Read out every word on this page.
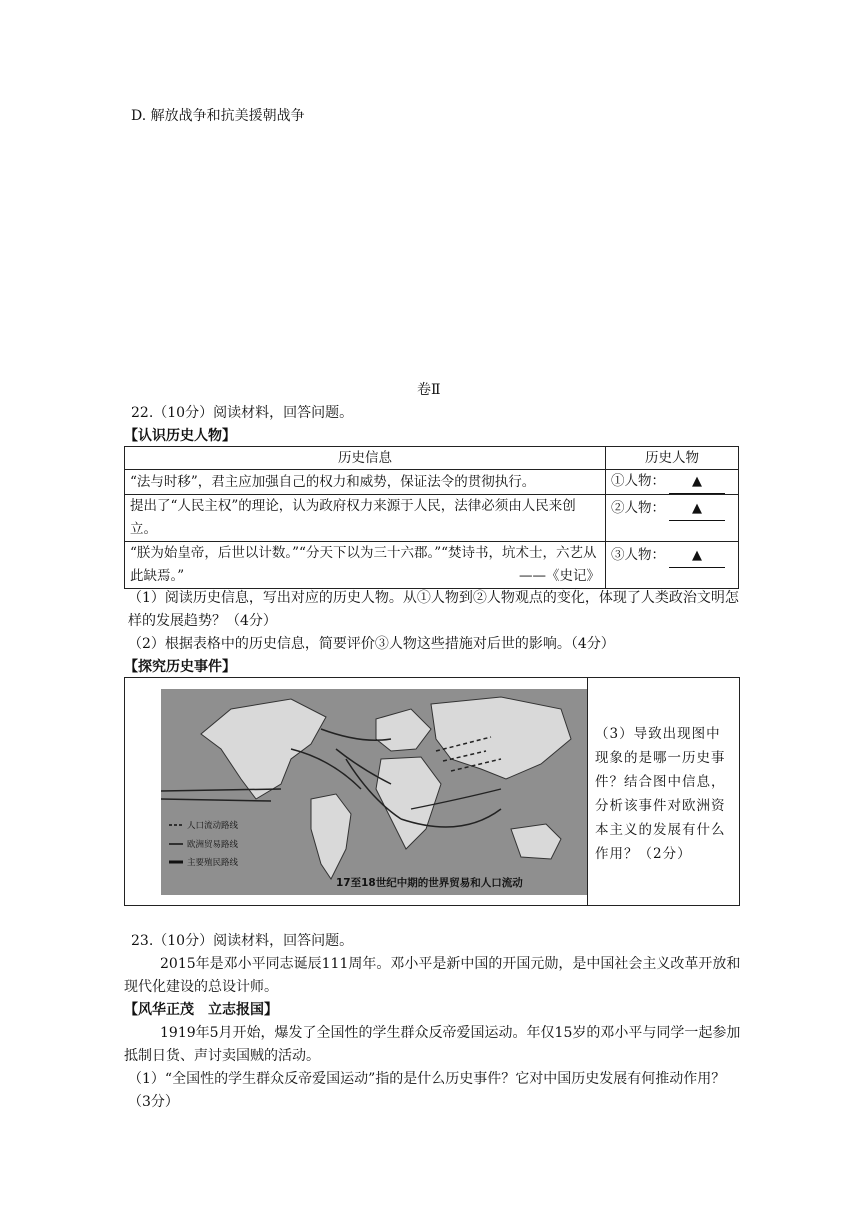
D. 解放战争和抗美援朝战争
卷Ⅱ
22.（10分）阅读材料，回答问题。
【认识历史人物】
历史信息	历史人物
“法与时移”，君主应加强自己的权力和威势，保证法令的贯彻执行。	①人物： ▲
提出了“人民主权”的理论，认为政府权力来源于人民，法律必须由人民来创立。	②人物： ▲
“朕为始皇帝，后世以计数。”“分天下以为三十六郡。”“焚诗书，坑术士，六艺从此缺焉。” ——《史记》	③人物： ▲
（1）阅读历史信息，写出对应的历史人物。从①人物到②人物观点的变化，体现了人类政治文明怎样的发展趋势？（4分）
（2）根据表格中的历史信息，简要评价③人物这些措施对后世的影响。（4分）
【探究历史事件】
人口流动路线
欧洲贸易路线
主要殖民路线
17至18世纪中期的世界贸易和人口流动
（3）导致出现图中现象的是哪一历史事件？结合图中信息，分析该事件对欧洲资本主义的发展有什么作用？（2分）
23.（10分）阅读材料，回答问题。
2015年是邓小平同志诞辰111周年。邓小平是新中国的开国元勋，是中国社会主义改革开放和现代化建设的总设计师。
【风华正茂　立志报国】
1919年5月开始，爆发了全国性的学生群众反帝爱国运动。年仅15岁的邓小平与同学一起参加抵制日货、声讨卖国贼的活动。
（1）“全国性的学生群众反帝爱国运动”指的是什么历史事件？它对中国历史发展有何推动作用？（3分）
